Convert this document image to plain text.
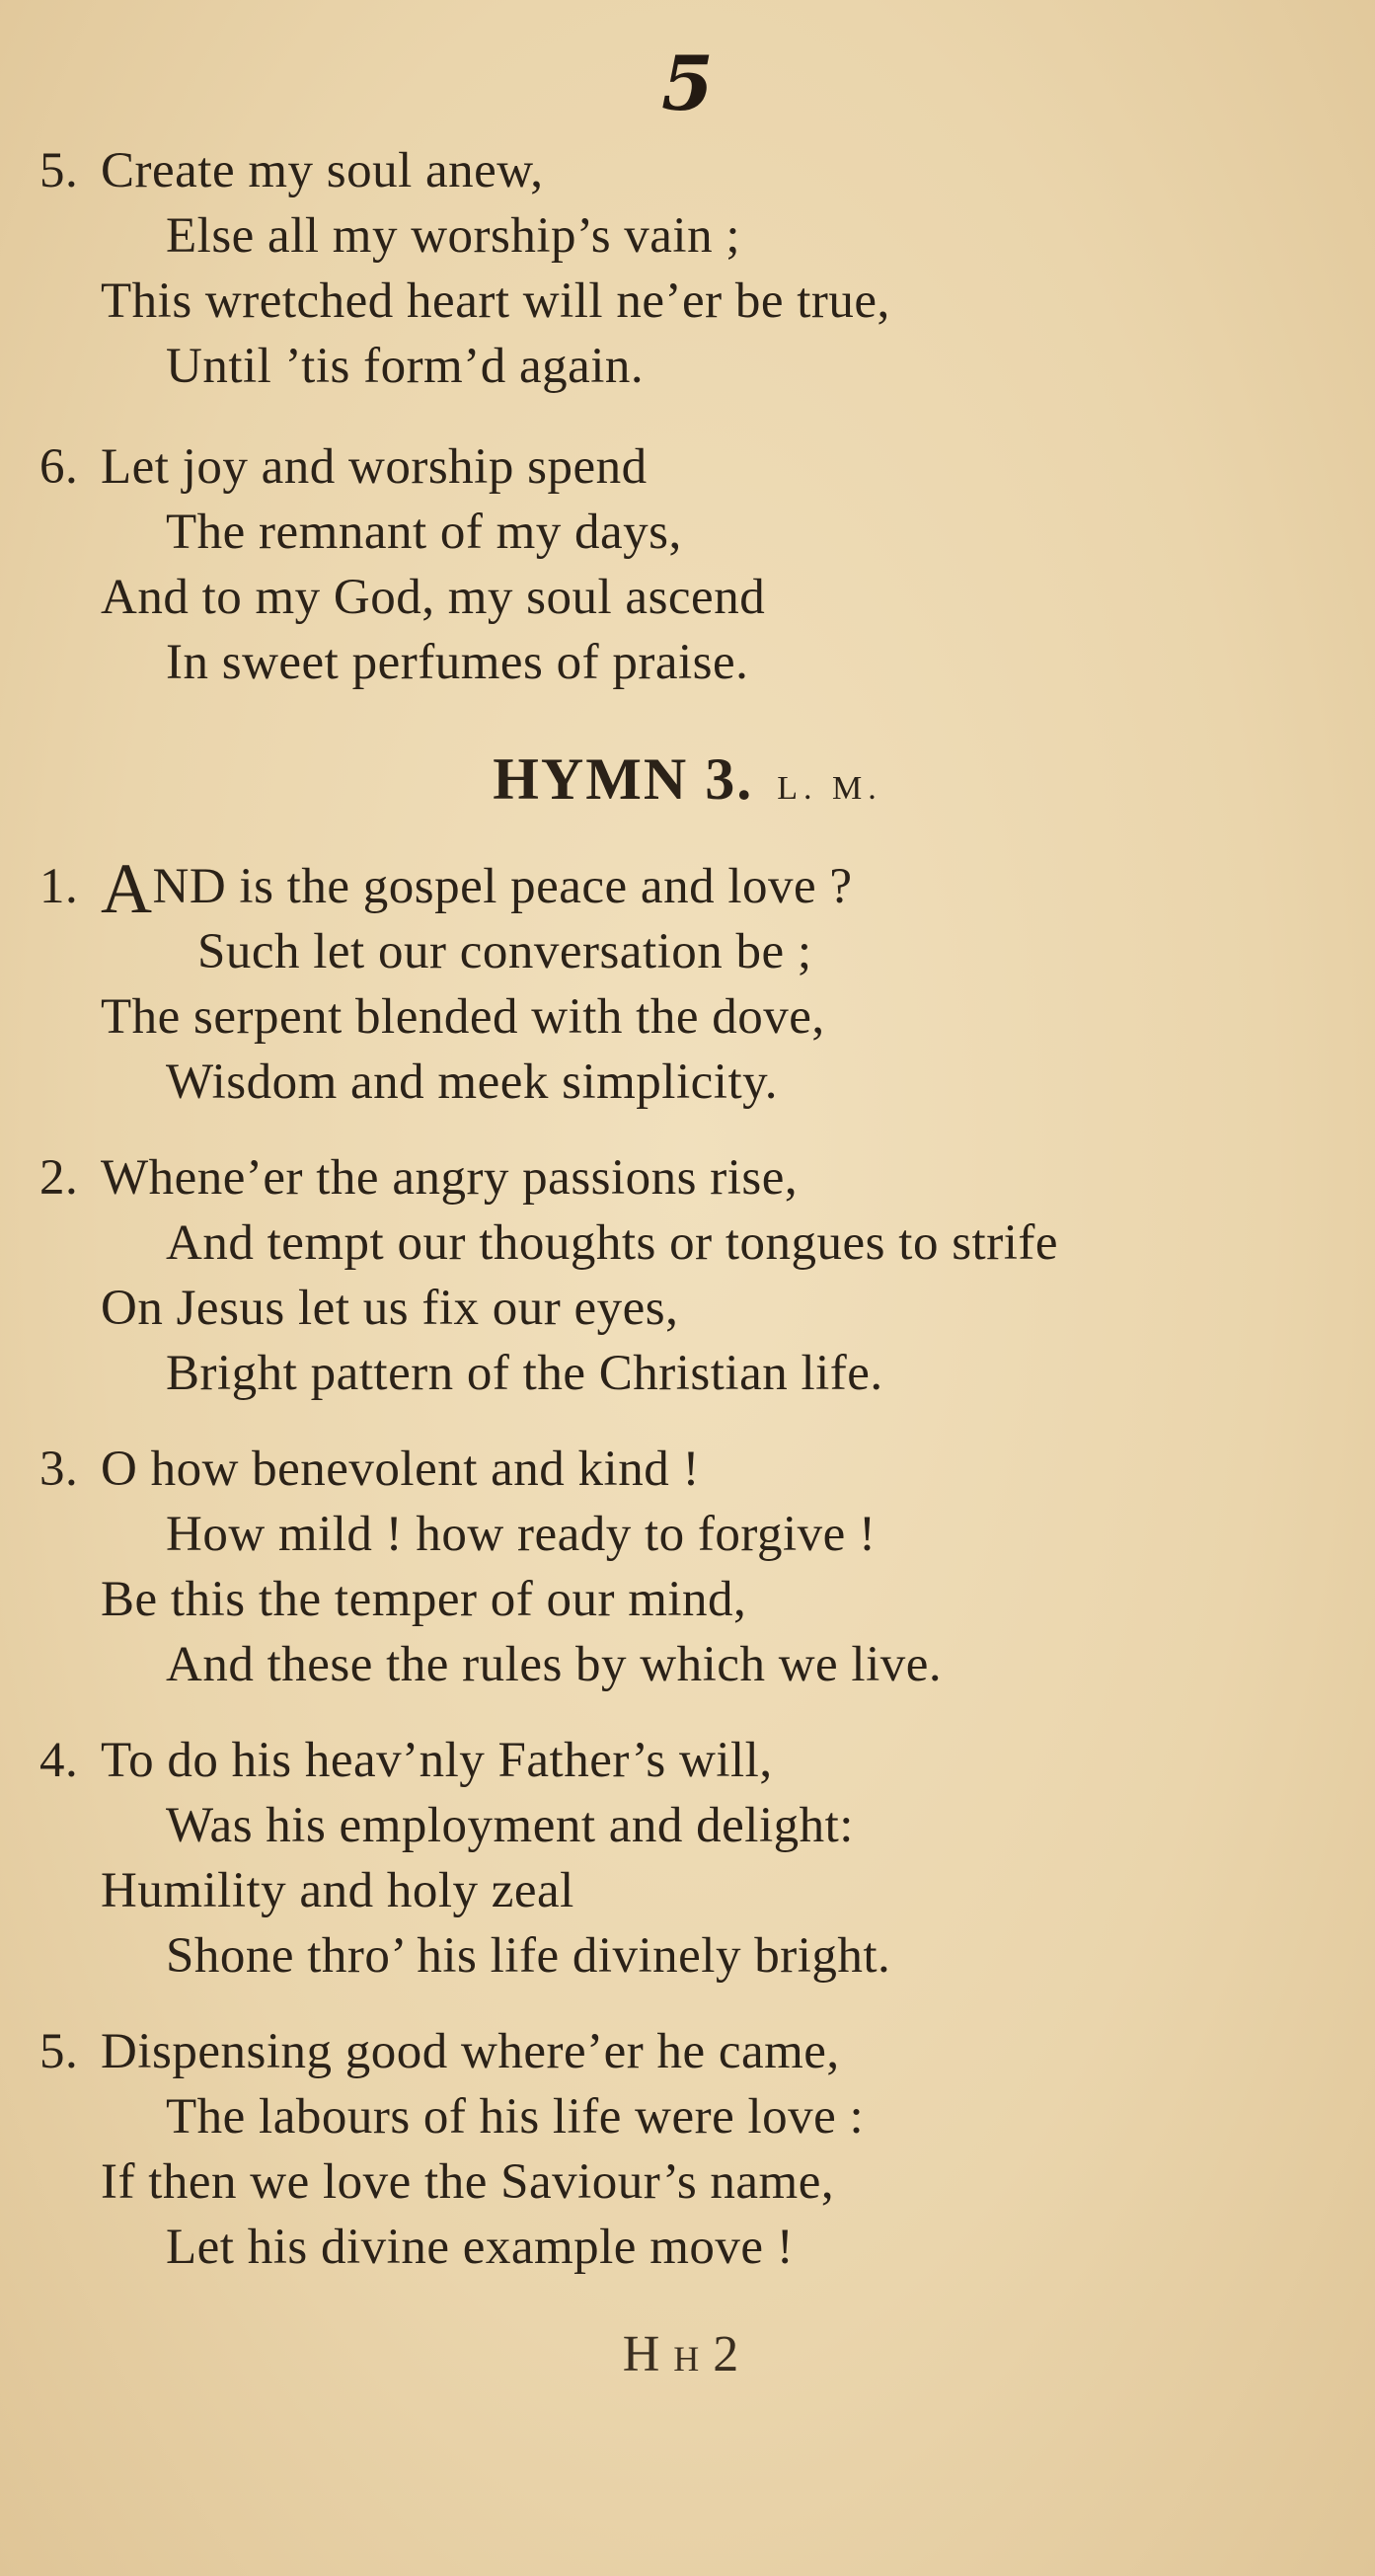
5
5. Create my soul anew,
Else all my worship’s vain ;
This wretched heart will ne’er be true,
Until ’tis form’d again.
6. Let joy and worship spend
The remnant of my days,
And to my God, my soul ascend
In sweet perfumes of praise.
HYMN 3. L. M.
1. AND is the gospel peace and love ?
Such let our conversation be ;
The serpent blended with the dove,
Wisdom and meek simplicity.
2. Whene’er the angry passions rise,
And tempt our thoughts or tongues to strife
On Jesus let us fix our eyes,
Bright pattern of the Christian life.
3. O how benevolent and kind !
How mild ! how ready to forgive !
Be this the temper of our mind,
And these the rules by which we live.
4. To do his heav’nly Father’s will,
Was his employment and delight:
Humility and holy zeal
Shone thro’ his life divinely bright.
5. Dispensing good where’er he came,
The labours of his life were love :
If then we love the Saviour’s name,
Let his divine example move !
HH2
